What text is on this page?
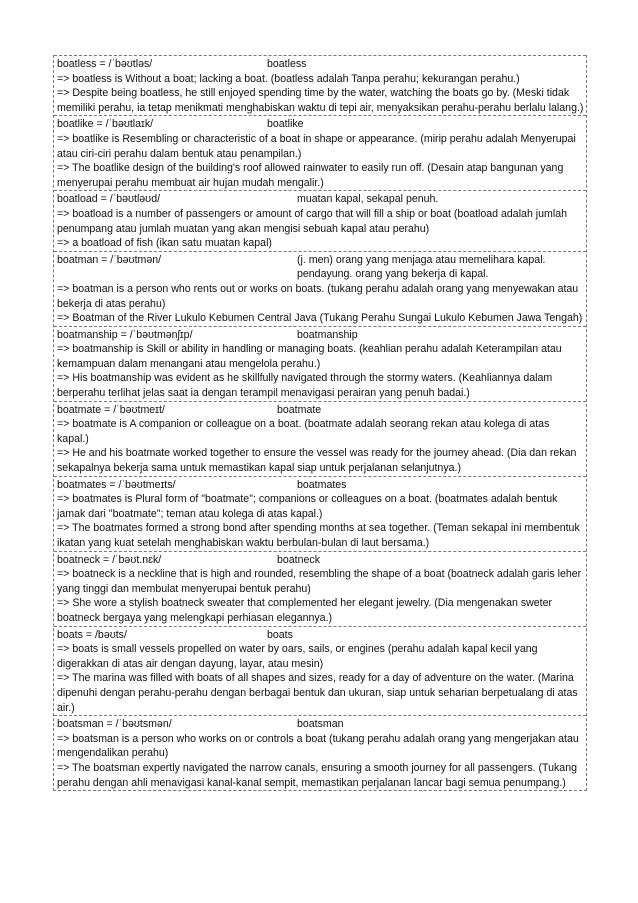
boatless = /ˈbəʊtləs/	boatless
=> boatless is Without a boat; lacking a boat. (boatless adalah Tanpa perahu; kekurangan perahu.)
=> Despite being boatless, he still enjoyed spending time by the water, watching the boats go by. (Meski tidak memiliki perahu, ia tetap menikmati menghabiskan waktu di tepi air, menyaksikan perahu-perahu berlalu lalang.)
boatlike = /ˈbəʊtlaɪk/	boatlike
=> boatlike is Resembling or characteristic of a boat in shape or appearance. (mirip perahu adalah Menyerupai atau ciri-ciri perahu dalam bentuk atau penampilan.)
=> The boatlike design of the building's roof allowed rainwater to easily run off. (Desain atap bangunan yang menyerupai perahu membuat air hujan mudah mengalir.)
boatload = /ˈbəʊtləʊd/	muatan kapal, sekapal penuh.
=> boatload is a number of passengers or amount of cargo that will fill a ship or boat (boatload adalah jumlah penumpang atau jumlah muatan yang akan mengisi sebuah kapal atau perahu)
=> a boatload of fish (ikan satu muatan kapal)
boatman = /ˈbəʊtmən/	(j. men) orang yang menjaga atau memelihara kapal. pendayung. orang yang bekerja di kapal.
=> boatman is a person who rents out or works on boats. (tukang perahu adalah orang yang menyewakan atau bekerja di atas perahu)
=> Boatman of the River Lukulo Kebumen Central Java (Tukang Perahu Sungai Lukulo Kebumen Jawa Tengah)
boatmanship = /ˈbəʊtmənʃɪp/	boatmanship
=> boatmanship is Skill or ability in handling or managing boats. (keahlian perahu adalah Keterampilan atau kemampuan dalam menangani atau mengelola perahu.)
=> His boatmanship was evident as he skillfully navigated through the stormy waters. (Keahliannya dalam berperahu terlihat jelas saat ia dengan terampil menavigasi perairan yang penuh badai.)
boatmate = /ˈbəʊtmeɪt/	boatmate
=> boatmate is A companion or colleague on a boat. (boatmate adalah seorang rekan atau kolega di atas kapal.)
=> He and his boatmate worked together to ensure the vessel was ready for the journey ahead. (Dia dan rekan sekapalnya bekerja sama untuk memastikan kapal siap untuk perjalanan selanjutnya.)
boatmates = /ˈbəʊtmeɪts/	boatmates
=> boatmates is Plural form of "boatmate"; companions or colleagues on a boat. (boatmates adalah bentuk jamak dari "boatmate"; teman atau kolega di atas kapal.)
=> The boatmates formed a strong bond after spending months at sea together. (Teman sekapal ini membentuk ikatan yang kuat setelah menghabiskan waktu berbulan-bulan di laut bersama.)
boatneck = /ˈbəʊt.nɛk/	boatneck
=> boatneck is a neckline that is high and rounded, resembling the shape of a boat (boatneck adalah garis leher yang tinggi dan membulat menyerupai bentuk perahu)
=> She wore a stylish boatneck sweater that complemented her elegant jewelry. (Dia mengenakan sweter boatneck bergaya yang melengkapi perhiasan elegannya.)
boats = /bəʊts/	boats
=> boats is small vessels propelled on water by oars, sails, or engines (perahu adalah kapal kecil yang digerakkan di atas air dengan dayung, layar, atau mesin)
=> The marina was filled with boats of all shapes and sizes, ready for a day of adventure on the water. (Marina dipenuhi dengan perahu-perahu dengan berbagai bentuk dan ukuran, siap untuk seharian berpetualang di atas air.)
boatsman = /ˈbəʊtsmən/	boatsman
=> boatsman is a person who works on or controls a boat (tukang perahu adalah orang yang mengerjakan atau mengendalikan perahu)
=> The boatsman expertly navigated the narrow canals, ensuring a smooth journey for all passengers. (Tukang perahu dengan ahli menavigasi kanal-kanal sempit, memastikan perjalanan lancar bagi semua penumpang.)
